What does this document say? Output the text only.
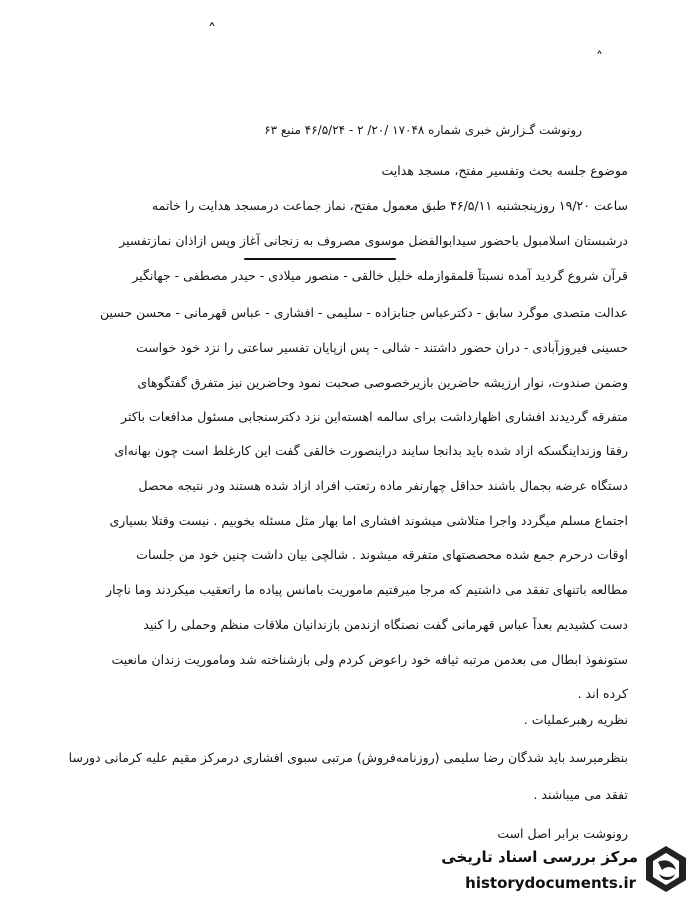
˄
˄
رونوشت گـزارش خبری شماره ۱۷۰۴۸ /۲۰/ ۲ - ۴۶/۵/۲۴ منبع ۶۳
موضوع جلسه بحث وتفسیر مفتح، مسجد هدایت
ساعت ۱۹/۲۰ روزپنجشنبه ۴۶/۵/۱۱ طبق معمول مفتح، نماز جماعت درمسجد هدایت را خاتمه
درشبستان اسلامبول باحضور سیدابوالفضل موسوی مصروف به زنجانی آغاز وپس ازاذان نمازتفسیر
قرآن شروع گردید آمده نسبتاً قلمقوازمله خلیل خالقی - منصور میلادی - حیدر مصطفی - جهانگیر
عدالت متصدی موگرد سابق - دکترعباس جنابزاده - سلیمی - افشاری - عباس قهرمانی - محسن حسین
حسینی فیروزآبادی - دران حضور داشتند - شالی - پس ازپایان تفسیر ساعتی را نزد خود خواست
وضمن صندوت، نوار ارزیشه حاضرین بازیرخصوصی صحبت نمود وحاضرین نیز متفرق گفتگوهای
متفرقه گردیدند افشاری اظهارداشت برای سالمه اهسته‌این نزد دکترسنجابی مسئول مدافعات باکثر
رفقا وزنداینگسکه ازاد شده باید بدانجا سایند دراینصورت خالقی گفت این کارغلط است چون بهانه‌ای
دستگاه عرضه بجمال باشند حداقل چهارنفر ماده رتعتب افراد ازاد شده هستند ودر نتیجه محصل
اجتماع مسلم میگردد واجرا متلاشی میشوند افشاری اما بهار مثل مسئله بخوبیم . نیست وقتلا بسیاری
اوقات درحرم جمع شده محصصتهای متفرقه میشوند . شالچی بیان داشت چنین خود من جلسات
مطالعه باتنهای تفقد می داشتیم که مرجا میرفتیم ماموریت بامانس پیاده ما راتعقیب میکردند وما ناچار
دست کشیدیم بعداً عباس قهرمانی گفت نصنگاه ازندمن بازندانیان ملاقات منظم وحملی را کنید
ستونفوذ ابطال می بعدمن مرتبه ثیافه خود راعوض کردم ولی بازشناخته شد وماموریت زندان مانعیت
کرده اند .
نظریه رهبرعملیات .
بنظرمیرسد باید شدگان رضا سلیمی (روزنامه‌فروش) مرتبی سبوی افشاری درمرکز مقیم علیه کرمانی دورسا
تفقد می میباشند .
رونوشت برابر اصل است
مرکز بررسی اسناد تاریخی
historydocuments.ir
